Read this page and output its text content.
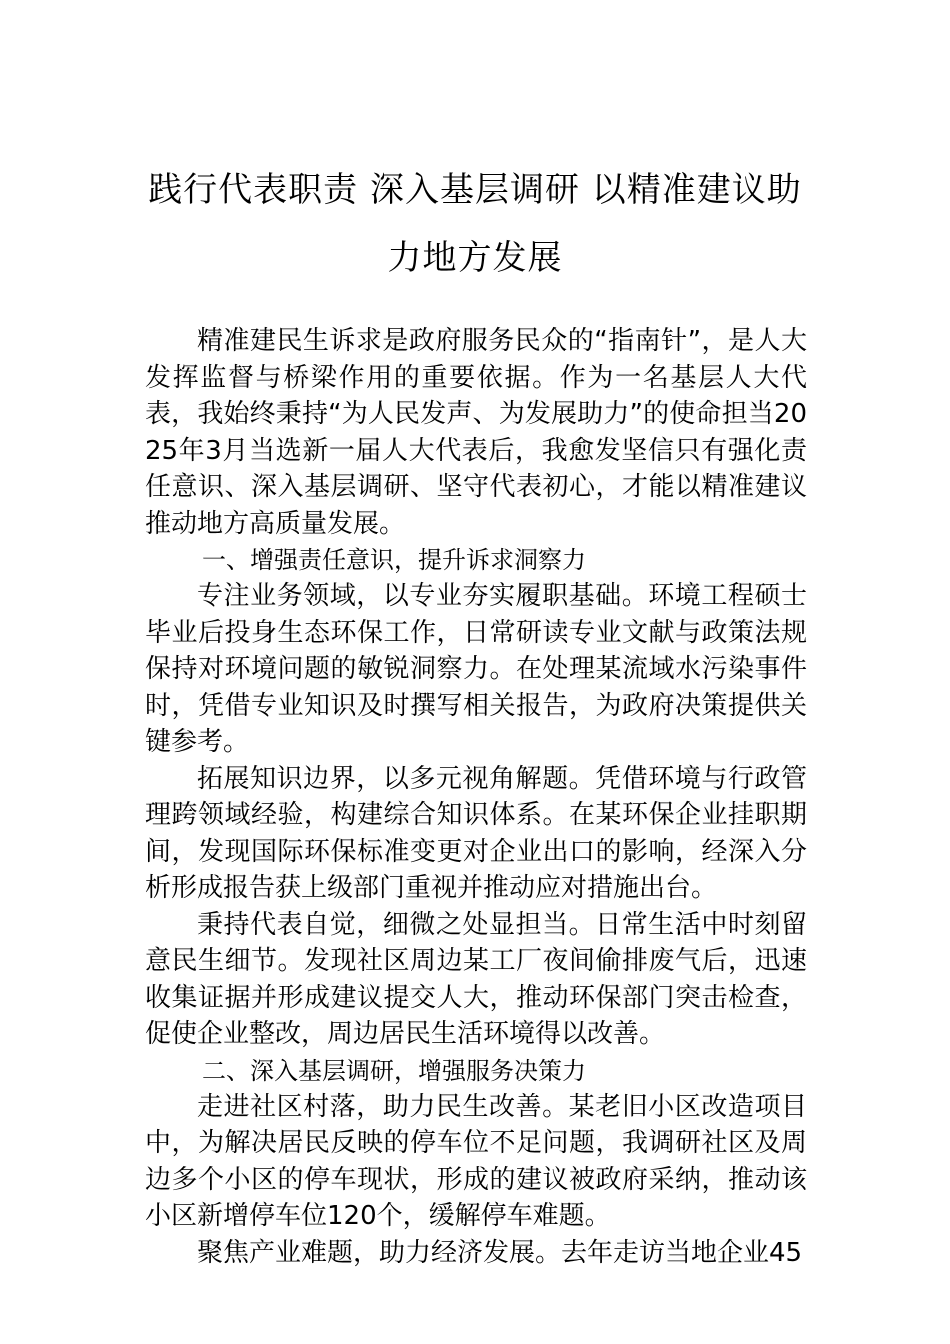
践行代表职责 深入基层调研 以精准建议助
力地方发展

精准建民生诉求是政府服务民众的“指南针”，是人大发挥监督与桥梁作用的重要依据。作为一名基层人大代表，我始终秉持“为人民发声、为发展助力”的使命担当2025年3月当选新一届人大代表后，我愈发坚信只有强化责任意识、深入基层调研、坚守代表初心，才能以精准建议推动地方高质量发展。

一、增强责任意识，提升诉求洞察力

专注业务领域，以专业夯实履职基础。环境工程硕士毕业后投身生态环保工作，日常研读专业文献与政策法规保持对环境问题的敏锐洞察力。在处理某流域水污染事件时，凭借专业知识及时撰写相关报告，为政府决策提供关键参考。

拓展知识边界，以多元视角解题。凭借环境与行政管理跨领域经验，构建综合知识体系。在某环保企业挂职期间，发现国际环保标准变更对企业出口的影响，经深入分析形成报告获上级部门重视并推动应对措施出台。

秉持代表自觉，细微之处显担当。日常生活中时刻留意民生细节。发现社区周边某工厂夜间偷排废气后，迅速收集证据并形成建议提交人大，推动环保部门突击检查，促使企业整改，周边居民生活环境得以改善。

二、深入基层调研，增强服务决策力

走进社区村落，助力民生改善。某老旧小区改造项目中，为解决居民反映的停车位不足问题，我调研社区及周边多个小区的停车现状，形成的建议被政府采纳，推动该小区新增停车位120个，缓解停车难题。

聚焦产业难题，助力经济发展。去年走访当地企业45
